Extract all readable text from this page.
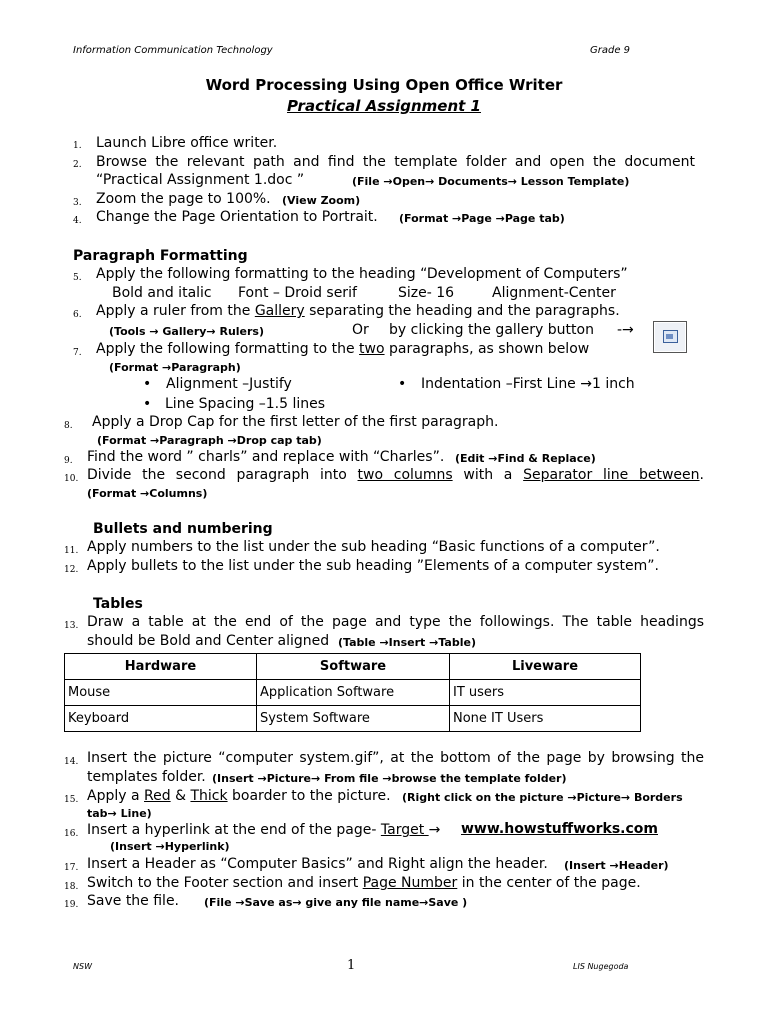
Information Communication Technology	Grade 9
Word Processing Using Open Office Writer
Practical Assignment 1
1. Launch Libre office writer.
2. Browse the relevant path and find the template folder and open the document
“Practical Assignment 1.doc ”	(File →Open→ Documents→ Lesson Template)
3. Zoom the page to 100%. (View Zoom)
4. Change the Page Orientation to Portrait. (Format →Page →Page tab)
Paragraph Formatting
5. Apply the following formatting to the heading “Development of Computers”
Bold and italic Font – Droid serif	Size- 16	Alignment-Center
6. Apply a ruler from the Gallery separating the heading and the paragraphs.
(Tools → Gallery→ Rulers)	Or by clicking the gallery button -→
7. Apply the following formatting to the two paragraphs, as shown below
(Format →Paragraph)
• Alignment –Justify	• Indentation –First Line →1 inch
• Line Spacing –1.5 lines
8. Apply a Drop Cap for the first letter of the first paragraph.
(Format →Paragraph →Drop cap tab)
9. Find the word ” charls” and replace with “Charles”. (Edit →Find & Replace)
10. Divide the second paragraph into two columns with a Separator line between.
(Format →Columns)
Bullets and numbering
11. Apply numbers to the list under the sub heading “Basic functions of a computer”.
12. Apply bullets to the list under the sub heading ”Elements of a computer system”.
Tables
13. Draw a table at the end of the page and type the followings. The table headings
should be Bold and Center aligned (Table →Insert →Table)
Hardware	Software	Liveware
Mouse	Application Software	IT users
Keyboard	System Software	None IT Users
14. Insert the picture “computer system.gif”, at the bottom of the page by browsing the
templates folder. (Insert →Picture→ From file →browse the template folder)
15. Apply a Red & Thick boarder to the picture. (Right click on the picture →Picture→ Borders
tab→ Line)
16. Insert a hyperlink at the end of the page- Target → www.howstuffworks.com
(Insert →Hyperlink)
17. Insert a Header as “Computer Basics” and Right align the header. (Insert →Header)
18. Switch to the Footer section and insert Page Number in the center of the page.
19. Save the file. (File →Save as→ give any file name→Save )
NSW	1	LIS Nugegoda
